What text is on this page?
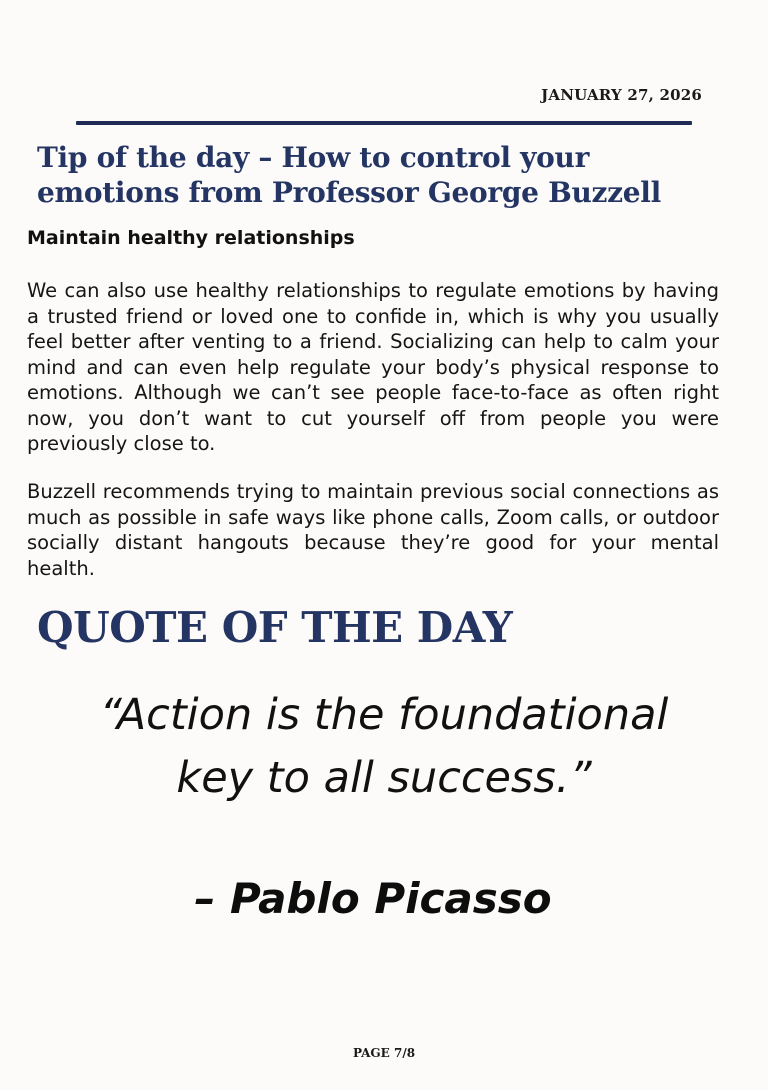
JANUARY 27, 2026
Tip of the day – How to control your emotions from Professor George Buzzell
Maintain healthy relationships

We can also use healthy relationships to regulate emotions by having a trusted friend or loved one to confide in, which is why you usually feel better after venting to a friend. Socializing can help to calm your mind and can even help regulate your body’s physical response to emotions. Although we can’t see people face-to-face as often right now, you don’t want to cut yourself off from people you were previously close to.

Buzzell recommends trying to maintain previous social connections as much as possible in safe ways like phone calls, Zoom calls, or outdoor socially distant hangouts because they’re good for your mental health.

QUOTE OF THE DAY
“Action is the foundational
key to all success.”
– Pablo Picasso
PAGE 7/8
